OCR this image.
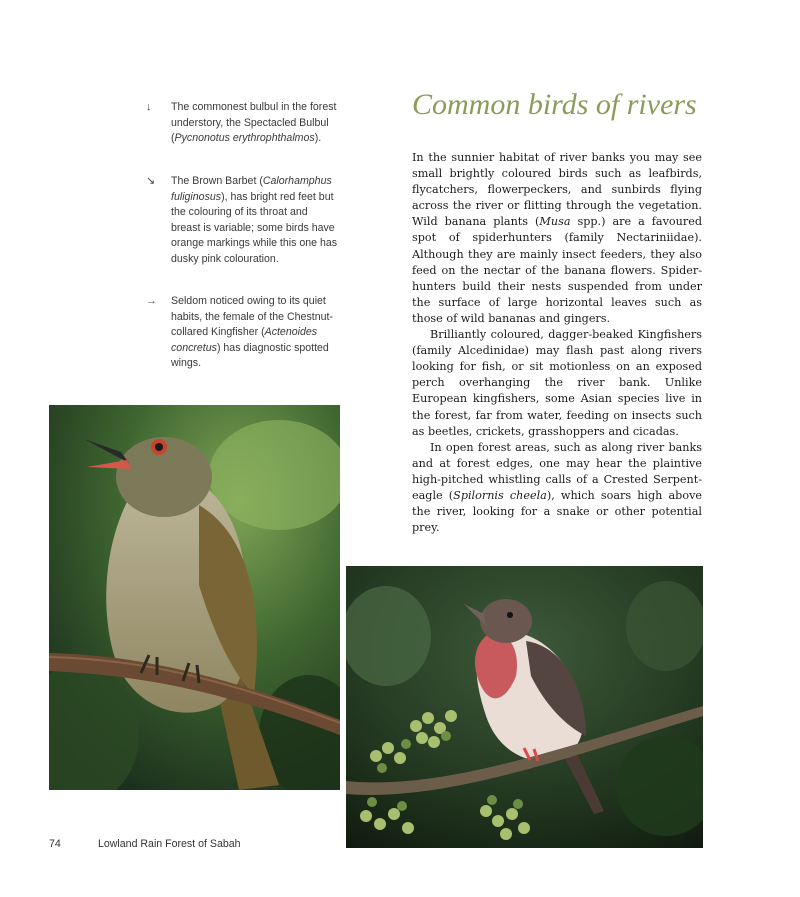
↓	The commonest bulbul in the forest understory, the Spectacled Bulbul (Pycnonotus erythrophthalmos).
↘ The Brown Barbet (Calorhamphus fuliginosus), has bright red feet but the colouring of its throat and breast is variable; some birds have orange markings while this one has dusky pink colouration.
→ Seldom noticed owing to its quiet habits, the female of the Chestnut-collared Kingfisher (Actenoides concretus) has diagnostic spotted wings.
Common birds of rivers

In the sunnier habitat of river banks you may see small brightly coloured birds such as leafbirds, flycatchers, flowerpeckers, and sunbirds flying across the river or flitting through the vegetation. Wild banana plants (Musa spp.) are a favoured spot of spiderhunters (family Nectariniidae). Although they are mainly insect feeders, they also feed on the nectar of the banana flowers. Spiderhunters build their nests suspended from under the surface of large horizontal leaves such as those of wild bananas and gingers.

Brilliantly coloured, dagger-beaked Kingfishers (family Alcedinidae) may flash past along rivers looking for fish, or sit motionless on an exposed perch overhanging the river bank. Unlike European kingfishers, some Asian species live in the forest, far from water, feeding on insects such as beetles, crickets, grasshoppers and cicadas.

In open forest areas, such as along river banks and at forest edges, one may hear the plaintive high-pitched whistling calls of a Crested Serpent-eagle (Spilornis cheela), which soars high above the river, looking for a snake or other potential prey.

74	Lowland Rain Forest of Sabah
